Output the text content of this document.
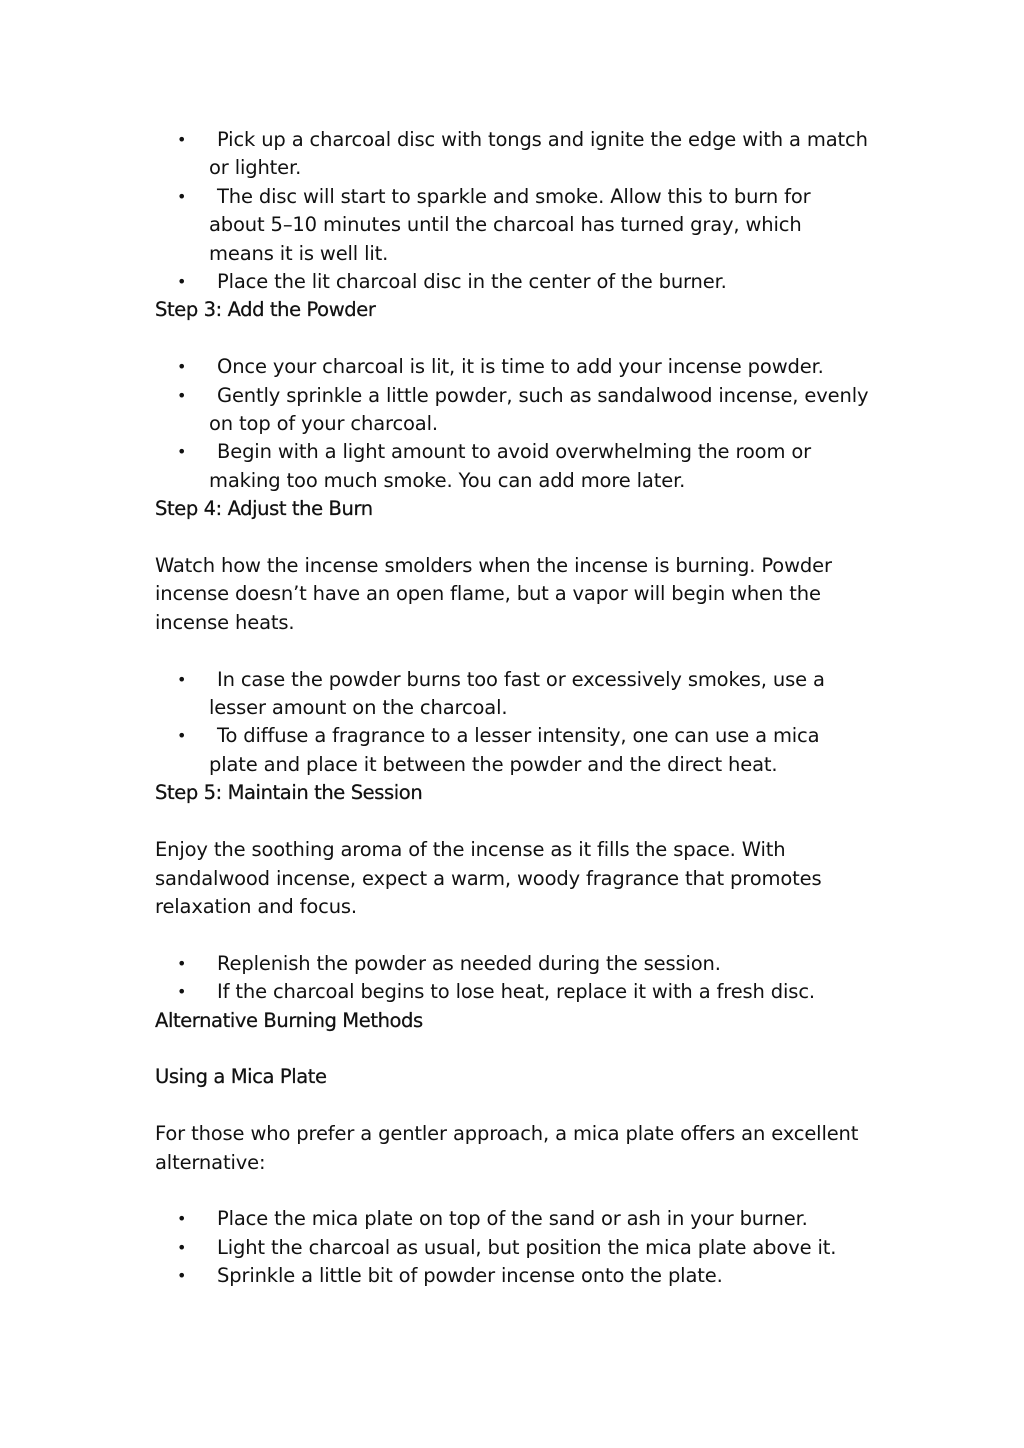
• Pick up a charcoal disc with tongs and ignite the edge with a match or lighter.
• The disc will start to sparkle and smoke. Allow this to burn for about 5–10 minutes until the charcoal has turned gray, which means it is well lit.
• Place the lit charcoal disc in the center of the burner.
Step 3: Add the Powder
• Once your charcoal is lit, it is time to add your incense powder.
• Gently sprinkle a little powder, such as sandalwood incense, evenly on top of your charcoal.
• Begin with a light amount to avoid overwhelming the room or making too much smoke. You can add more later.
Step 4: Adjust the Burn

Watch how the incense smolders when the incense is burning. Powder incense doesn’t have an open flame, but a vapor will begin when the incense heats.

• In case the powder burns too fast or excessively smokes, use a lesser amount on the charcoal.
• To diffuse a fragrance to a lesser intensity, one can use a mica plate and place it between the powder and the direct heat.
Step 5: Maintain the Session

Enjoy the soothing aroma of the incense as it fills the space. With sandalwood incense, expect a warm, woody fragrance that promotes relaxation and focus.

• Replenish the powder as needed during the session.
• If the charcoal begins to lose heat, replace it with a fresh disc.
Alternative Burning Methods
Using a Mica Plate

For those who prefer a gentler approach, a mica plate offers an excellent alternative:

• Place the mica plate on top of the sand or ash in your burner.
• Light the charcoal as usual, but position the mica plate above it.
• Sprinkle a little bit of powder incense onto the plate.
